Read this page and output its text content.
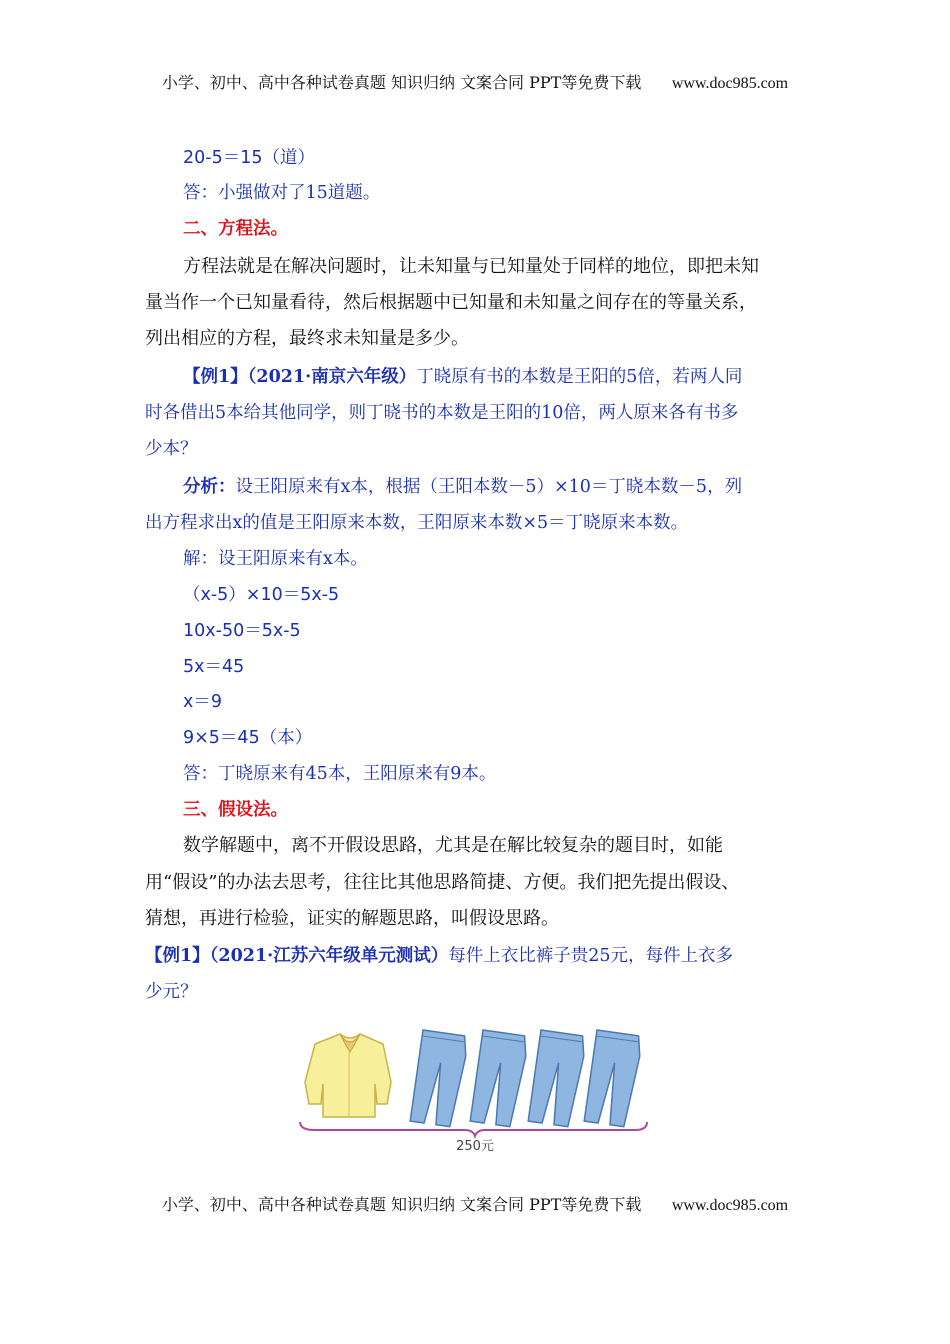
小学、初中、高中各种试卷真题 知识归纳 文案合同 PPT等免费下载 www.doc985.com
20-5＝15（道）
答：小强做对了15道题。
二、方程法。
方程法就是在解决问题时，让未知量与已知量处于同样的地位，即把未知
量当作一个已知量看待，然后根据题中已知量和未知量之间存在的等量关系，
列出相应的方程，最终求未知量是多少。
【例1】（2021·南京六年级）丁晓原有书的本数是王阳的5倍，若两人同
时各借出5本给其他同学，则丁晓书的本数是王阳的10倍，两人原来各有书多
少本？
分析：设王阳原来有x本，根据（王阳本数－5）×10＝丁晓本数－5，列
出方程求出x的值是王阳原来本数，王阳原来本数×5＝丁晓原来本数。
解：设王阳原来有x本。
（x-5）×10＝5x-5
10x-50＝5x-5
5x＝45
x＝9
9×5＝45（本）
答：丁晓原来有45本，王阳原来有9本。
三、假设法。
数学解题中，离不开假设思路，尤其是在解比较复杂的题目时，如能
用“假设”的办法去思考，往往比其他思路简捷、方便。我们把先提出假设、
猜想，再进行检验，证实的解题思路，叫假设思路。
【例1】（2021·江苏六年级单元测试）每件上衣比裤子贵25元，每件上衣多
少元？
250元
小学、初中、高中各种试卷真题 知识归纳 文案合同 PPT等免费下载 www.doc985.com
